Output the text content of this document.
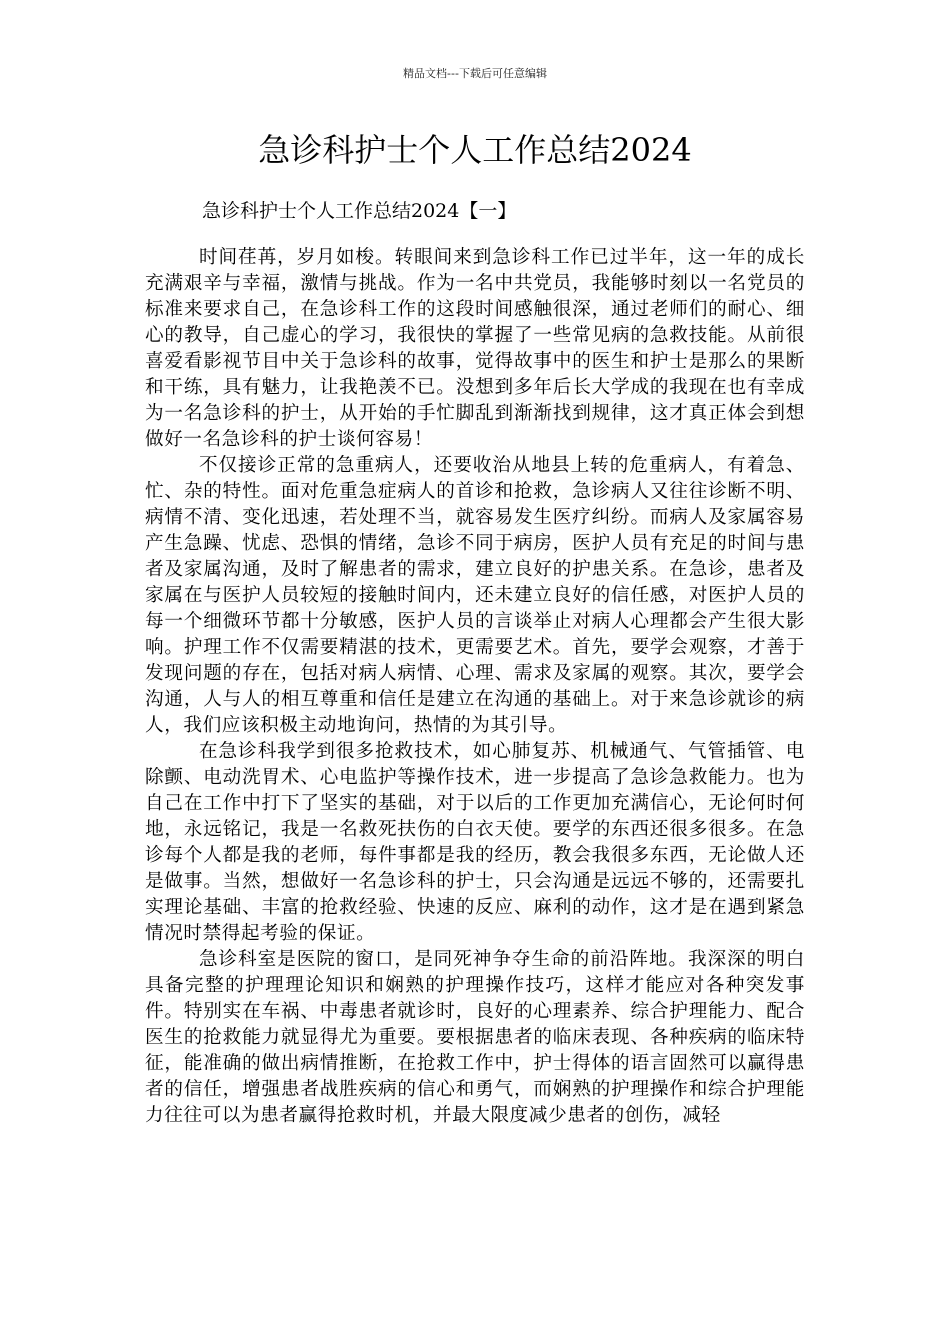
精品文档---下载后可任意编辑
急诊科护士个人工作总结2024
急诊科护士个人工作总结2024【一】

时间荏苒，岁月如梭。转眼间来到急诊科工作已过半年，这一年的成长充满艰辛与幸福，激情与挑战。作为一名中共党员，我能够时刻以一名党员的标准来要求自己，在急诊科工作的这段时间感触很深，通过老师们的耐心、细心的教导，自己虚心的学习，我很快的掌握了一些常见病的急救技能。从前很喜爱看影视节目中关于急诊科的故事，觉得故事中的医生和护士是那么的果断和干练，具有魅力，让我艳羡不已。没想到多年后长大学成的我现在也有幸成为一名急诊科的护士，从开始的手忙脚乱到渐渐找到规律，这才真正体会到想做好一名急诊科的护士谈何容易！

不仅接诊正常的急重病人，还要收治从地县上转的危重病人，有着急、忙、杂的特性。面对危重急症病人的首诊和抢救，急诊病人又往往诊断不明、病情不清、变化迅速，若处理不当，就容易发生医疗纠纷。而病人及家属容易产生急躁、忧虑、恐惧的情绪，急诊不同于病房，医护人员有充足的时间与患者及家属沟通，及时了解患者的需求，建立良好的护患关系。在急诊，患者及家属在与医护人员较短的接触时间内，还未建立良好的信任感，对医护人员的每一个细微环节都十分敏感，医护人员的言谈举止对病人心理都会产生很大影响。护理工作不仅需要精湛的技术，更需要艺术。首先，要学会观察，才善于发现问题的存在，包括对病人病情、心理、需求及家属的观察。其次，要学会沟通，人与人的相互尊重和信任是建立在沟通的基础上。对于来急诊就诊的病人，我们应该积极主动地询问，热情的为其引导。

在急诊科我学到很多抢救技术，如心肺复苏、机械通气、气管插管、电除颤、电动洗胃术、心电监护等操作技术，进一步提高了急诊急救能力。也为自己在工作中打下了坚实的基础，对于以后的工作更加充满信心，无论何时何地，永远铭记，我是一名救死扶伤的白衣天使。要学的东西还很多很多。在急诊每个人都是我的老师，每件事都是我的经历，教会我很多东西，无论做人还是做事。当然，想做好一名急诊科的护士，只会沟通是远远不够的，还需要扎实理论基础、丰富的抢救经验、快速的反应、麻利的动作，这才是在遇到紧急情况时禁得起考验的保证。

急诊科室是医院的窗口，是同死神争夺生命的前沿阵地。我深深的明白具备完整的护理理论知识和娴熟的护理操作技巧，这样才能应对各种突发事件。特别实在车祸、中毒患者就诊时，良好的心理素养、综合护理能力、配合医生的抢救能力就显得尤为重要。要根据患者的临床表现、各种疾病的临床特征，能准确的做出病情推断，在抢救工作中，护士得体的语言固然可以赢得患者的信任，增强患者战胜疾病的信心和勇气，而娴熟的护理操作和综合护理能力往往可以为患者赢得抢救时机，并最大限度减少患者的创伤，减轻
